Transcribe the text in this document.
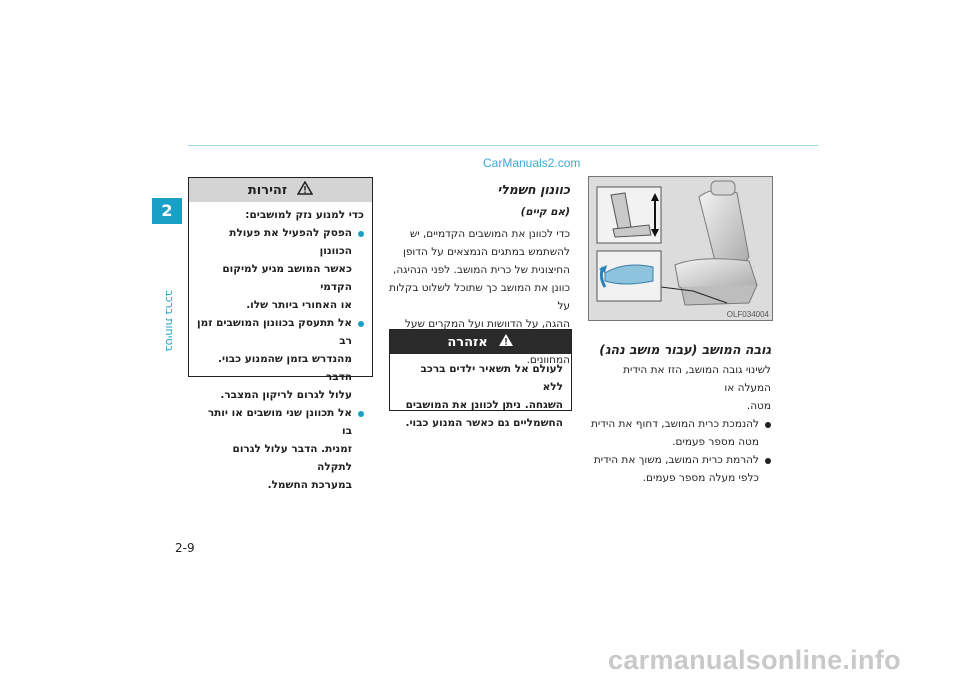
CarManuals2.com
2
בטיחות ברכב
2-9
carmanualsonline.info
זהירות
כדי למנוע נזק למושבים:
הפסק להפעיל את פעולת הכוונון
כאשר המושב מגיע למיקום הקדמי
או האחורי ביותר שלו.
אל תתעסק בכוונון המושבים זמן רב
מהנדרש בזמן שהמנוע כבוי. הדבר
עלול לגרום לריקון המצבר.
אל תכוונן שני מושבים או יותר בו
זמנית. הדבר עלול לגרום לתקלה
במערכת החשמל.
כוונון חשמלי
(אם קיים)
כדי לכוונן את המושבים הקדמיים, יש
להשתמש במתגים הנמצאים על הדופן
החיצונית של כרית המושב. לפני הנהיגה,
כוונן את המושב כך שתוכל לשלוט בקלות על
ההגה, על הדוושות ועל המקרים שעל
המחוונים.
אזהרה
לעולם אל תשאיר ילדים ברכב ללא
השגחה. ניתן לכוונן את המושבים
החשמליים גם כאשר המנוע כבוי.
OLF034004
גובה המושב (עבור מושב נהג)
לשינוי גובה המושב, הזז את הידית המעלה או
מטה.
להנמכת כרית המושב, דחוף את הידית
מטה מספר פעמים.
להרמת כרית המושב, משוך את הידית
כלפי מעלה מספר פעמים.
